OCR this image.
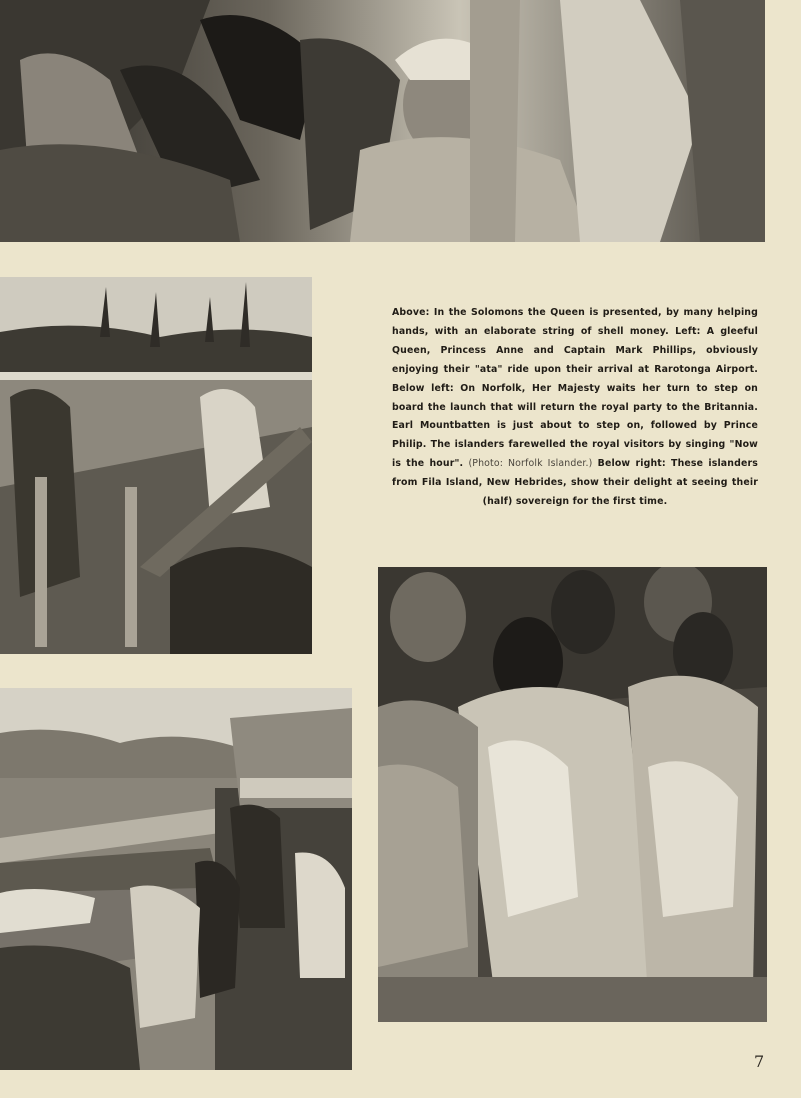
Above: In the Solomons the Queen is presented, by many helping hands, with an elaborate string of shell money. Left: A gleeful Queen, Princess Anne and Captain Mark Phillips, obviously enjoying their "ata" ride upon their arrival at Rarotonga Airport. Below left: On Norfolk, Her Majesty waits her turn to step on board the launch that will return the royal party to the Britannia. Earl Mountbatten is just about to step on, followed by Prince Philip. The islanders farewelled the royal visitors by singing "Now is the hour". (Photo: Norfolk Islander.) Below right: These islanders from Fila Island, New Hebrides, show their delight at seeing their (half) sovereign for the first time.

7
